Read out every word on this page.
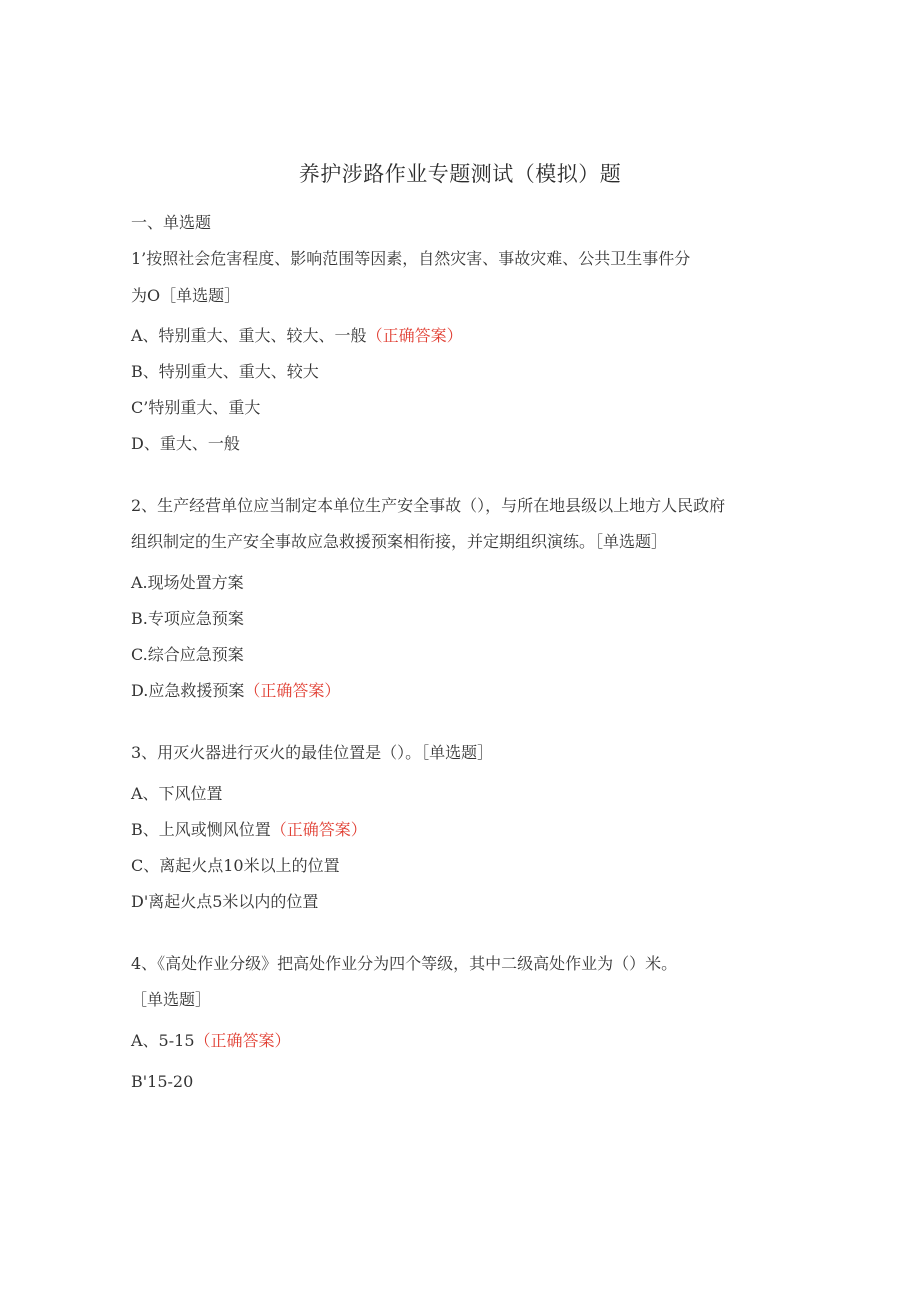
养护涉路作业专题测试（模拟）题
一、单选题
1’按照社会危害程度、影响范围等因素，自然灾害、事故灾难、公共卫生事件分
为O［单选题］
A、特别重大、重大、较大、一般（正确答案）
B、特别重大、重大、较大
C’特别重大、重大
D、重大、一般
2、生产经营单位应当制定本单位生产安全事故（），与所在地县级以上地方人民政府
组织制定的生产安全事故应急救援预案相衔接，并定期组织演练。［单选题］
A.现场处置方案
B.专项应急预案
C.综合应急预案
D.应急救援预案（正确答案）
3、用灭火器进行灭火的最佳位置是（）。［单选题］
A、下风位置
B、上风或恻风位置（正确答案）
C、离起火点10米以上的位置
D'离起火点5米以内的位置
4、《高处作业分级》把高处作业分为四个等级，其中二级高处作业为（）米。
［单选题］
A、5-15（正确答案）
B'15-20
